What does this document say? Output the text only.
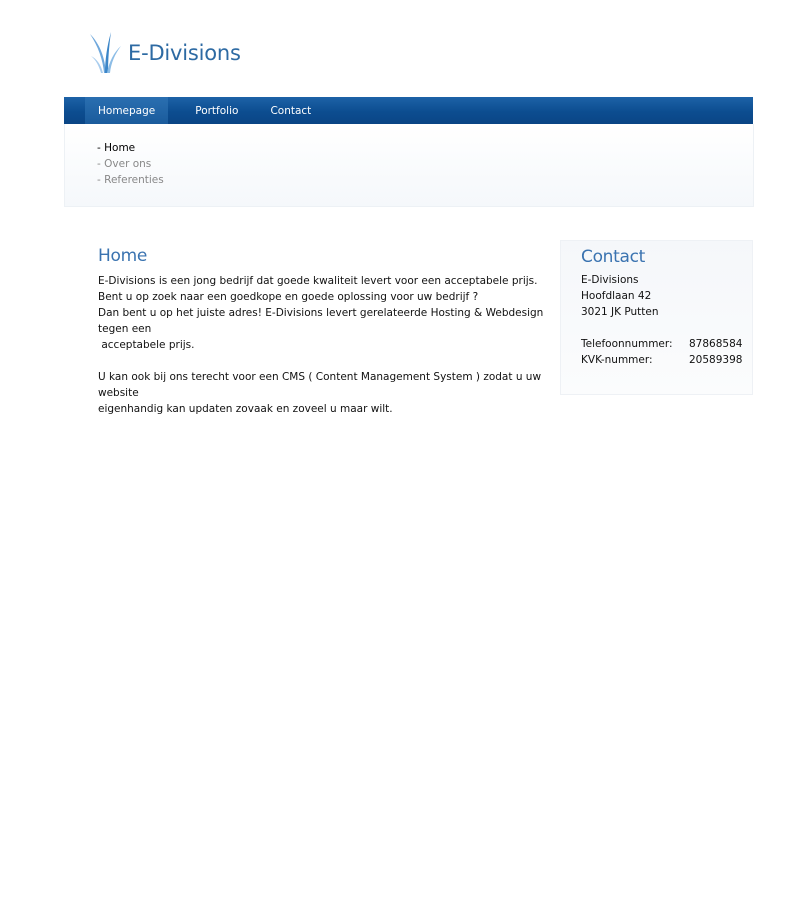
E-Divisions
Homepage	Portfolio	Contact
- Home
- Over ons
- Referenties
Home

E-Divisions is een jong bedrijf dat goede kwaliteit levert voor een acceptabele prijs.

Bent u op zoek naar een goedkope en goede oplossing voor uw bedrijf ?

Dan bent u op het juiste adres! E-Divisions levert gerelateerde Hosting & Webdesign tegen een

acceptabele prijs.

U kan ook bij ons terecht voor een CMS ( Content Management System ) zodat u uw website

eigenhandig kan updaten zovaak en zoveel u maar wilt.

Contact
E-Divisions
Hoofdlaan 42
3021 JK Putten
Telefoonnummer:	87868584
KVK-nummer:	20589398
